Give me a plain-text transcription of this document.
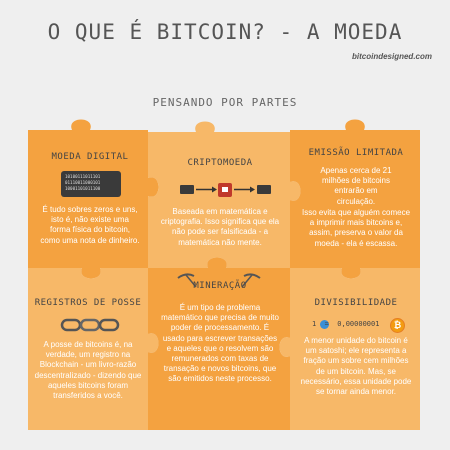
O QUE É BITCOIN? - A MOEDA
bitcoindesigned.com
PENSANDO POR PARTES
MOEDA DIGITAL
10100111011101
01110011000101
10001101011100
É tudo sobres zeros e uns, isto é, não existe uma forma física do bitcoin, como uma nota de dinheiro.
CRIPTOMOEDA
Baseada em matemática e criptografia. Isso significa que ela não pode ser falsificada - a matemática não mente.
EMISSÃO LIMITADA
Apenas cerca de 21 milhões de bitcoins entrarão em circulação.
Isso evita que alguém comece a imprimir mais bitcoins e, assim, preserva o valor da moeda - ela é escassa.
REGISTROS DE POSSE
A posse de bitcoins é, na verdade, um registro na Blockchain - um livro-razão descentralizado - dizendo que aqueles bitcoins foram transferidos a você.
MINERAÇÃO
É um tipo de problema matemático que precisa de muito poder de processamento. É usado para escrever transações e aqueles que o resolvem são remunerados com taxas de transação e novos bitcoins, que são emitidos neste processo.
DIVISIBILIDADE
1  =  0,00000001	₿
A menor unidade do bitcoin é um satoshi; ele representa a fração um sobre cem milhões de um bitcoin. Mas, se necessário, essa unidade pode se tornar ainda menor.
